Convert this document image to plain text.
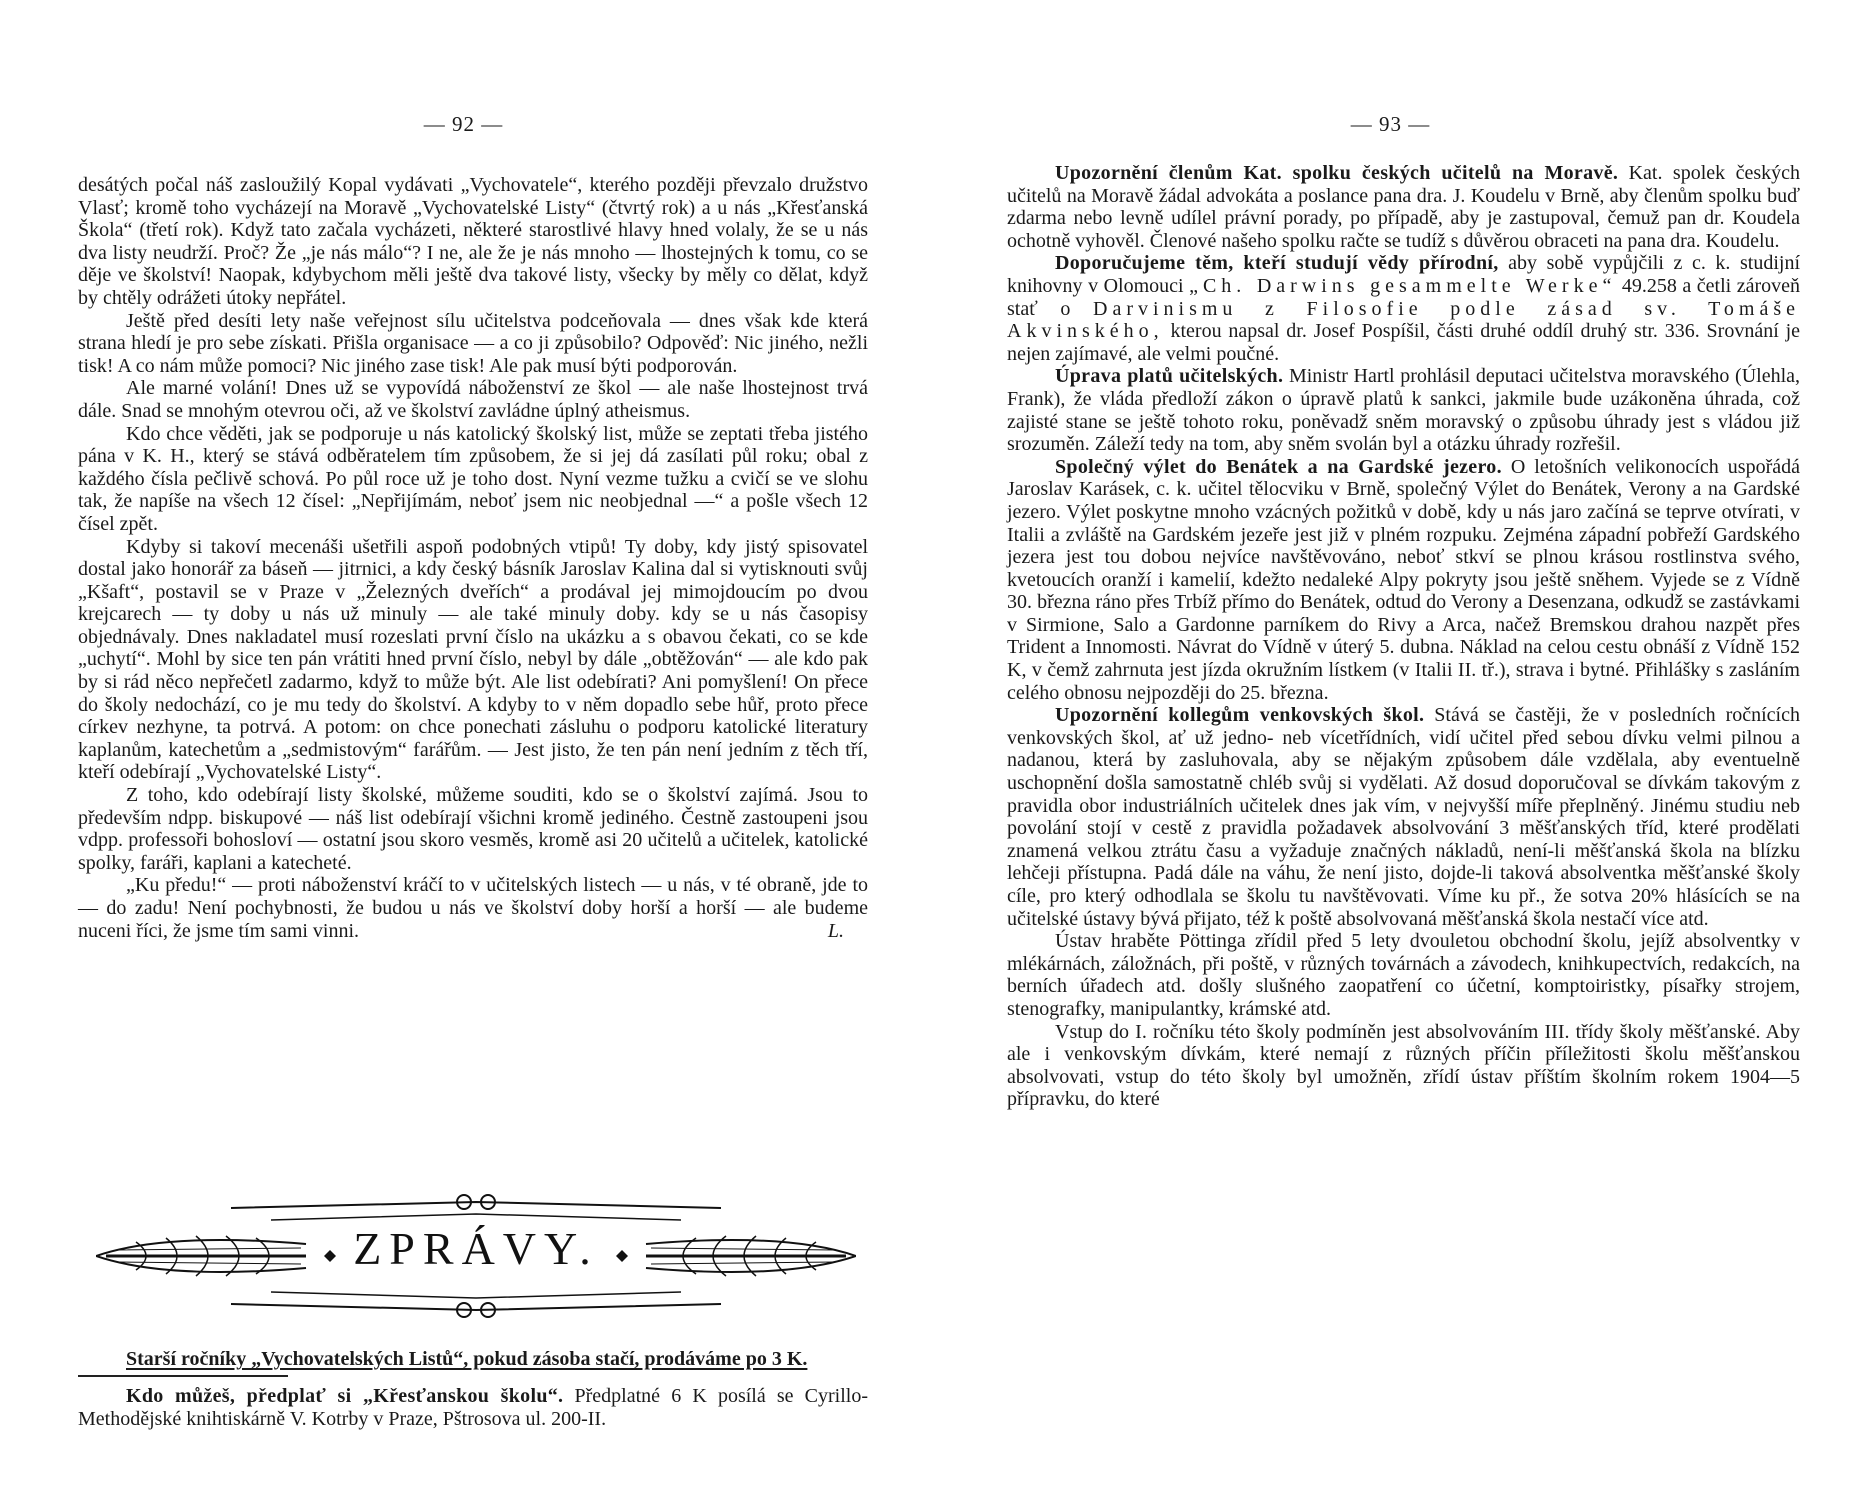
— 92 —

desátých počal náš zasloužilý Kopal vydávati „Vychovatele“, kterého později převzalo družstvo Vlasť; kromě toho vycházejí na Moravě „Vychovatelské Listy“ (čtvrtý rok) a u nás „Křesťanská Škola“ (třetí rok). Když tato začala vycházeti, některé starostlivé hlavy hned volaly, že se u nás dva listy neudrží. Proč? Že „je nás málo“? I ne, ale že je nás mnoho — lhostejných k tomu, co se děje ve školství! Naopak, kdybychom měli ještě dva takové listy, všecky by měly co dělat, když by chtěly odrážeti útoky nepřátel.

Ještě před desíti lety naše veřejnost sílu učitelstva podceňovala — dnes však kde která strana hledí je pro sebe získati. Přišla organisace — a co ji způsobilo? Odpověď: Nic jiného, nežli tisk! A co nám může pomoci? Nic jiného zase tisk! Ale pak musí býti podporován.

Ale marné volání! Dnes už se vypovídá náboženství ze škol — ale naše lhostejnost trvá dále. Snad se mnohým otevrou oči, až ve školství zavládne úplný atheismus.

Kdo chce věděti, jak se podporuje u nás katolický školský list, může se zeptati třeba jistého pána v K. H., který se stává odběratelem tím způsobem, že si jej dá zasílati půl roku; obal z každého čísla pečlivě schová. Po půl roce už je toho dost. Nyní vezme tužku a cvičí se ve slohu tak, že napíše na všech 12 čísel: „Nepřijímám, neboť jsem nic neobjednal —“ a pošle všech 12 čísel zpět.

Kdyby si takoví mecenáši ušetřili aspoň podobných vtipů! Ty doby, kdy jistý spisovatel dostal jako honorář za báseň — jitrnici, a kdy český básník Jaroslav Kalina dal si vytisknouti svůj „Kšaft“, postavil se v Praze v „Železných dveřích“ a prodával jej mimojdoucím po dvou krejcarech — ty doby u nás už minuly — ale také minuly doby. kdy se u nás časopisy objednávaly. Dnes nakladatel musí rozeslati první číslo na ukázku a s obavou čekati, co se kde „uchytí“. Mohl by sice ten pán vrátiti hned první číslo, nebyl by dále „obtěžován“ — ale kdo pak by si rád něco nepřečetl zadarmo, když to může být. Ale list odebírati? Ani pomyšlení! On přece do školy nedochází, co je mu tedy do školství. A kdyby to v něm dopadlo sebe hůř, proto přece církev nezhyne, ta potrvá. A potom: on chce ponechati zásluhu o podporu katolické literatury kaplanům, katechetům a „sedmistovým“ farářům. — Jest jisto, že ten pán není jedním z těch tří, kteří odebírají „Vychovatelské Listy“.

Z toho, kdo odebírají listy školské, můžeme souditi, kdo se o školství zajímá. Jsou to především ndpp. biskupové — náš list odebírají všichni kromě jediného. Čestně zastoupeni jsou vdpp. professoři bohosloví — ostatní jsou skoro vesměs, kromě asi 20 učitelů a učitelek, katolické spolky, faráři, kaplani a katecheté.

„Ku předu!“ — proti náboženství kráčí to v učitelských listech — u nás, v té obraně, jde to — do zadu! Není pochybnosti, že budou u nás ve školství doby horší a horší — ale budeme nuceni říci, že jsme tím sami vinni.	L.

ZPRÁVY.

Starší ročníky „Vychovatelských Listů“, pokud zásoba stačí, prodáváme po 3 K.

Kdo můžeš, předplať si „Křesťanskou školu“. Předplatné 6 K posílá se Cyrillo-Methodějské knihtiskárně V. Kotrby v Praze, Pštrosova ul. 200-II.

— 93 —

Upozornění členům Kat. spolku českých učitelů na Moravě. Kat. spolek českých učitelů na Moravě žádal advokáta a poslance pana dra. J. Koudelu v Brně, aby členům spolku buď zdarma nebo levně udílel právní porady, po případě, aby je zastupoval, čemuž pan dr. Koudela ochotně vyhověl. Členové našeho spolku račte se tudíž s důvěrou obraceti na pana dra. Koudelu.

Doporučujeme těm, kteří studují vědy přírodní, aby sobě vypůjčili z c. k. studijní knihovny v Olomouci „Ch. Darwins gesammelte Werke“ 49.258 a četli zároveň stať o Darvinismu z Filosofie podle zásad sv. Tomáše Akvinského, kterou napsal dr. Josef Pospíšil, části druhé oddíl druhý str. 336. Srovnání je nejen zajímavé, ale velmi poučné.

Úprava platů učitelských. Ministr Hartl prohlásil deputaci učitelstva moravského (Úlehla, Frank), že vláda předloží zákon o úpravě platů k sankci, jakmile bude uzákoněna úhrada, což zajisté stane se ještě tohoto roku, poněvadž sněm moravský o způsobu úhrady jest s vládou již srozuměn. Záleží tedy na tom, aby sněm svolán byl a otázku úhrady rozřešil.

Společný výlet do Benátek a na Gardské jezero. O letošních velikonocích uspořádá Jaroslav Karásek, c. k. učitel tělocviku v Brně, společný Výlet do Benátek, Verony a na Gardské jezero. Výlet poskytne mnoho vzácných požitků v době, kdy u nás jaro začíná se teprve otvírati, v Italii a zvláště na Gardském jezeře jest již v plném rozpuku. Zejména západní pobřeží Gardského jezera jest tou dobou nejvíce navštěvováno, neboť stkví se plnou krásou rostlinstva svého, kvetoucích oranží i kamelií, kdežto nedaleké Alpy pokryty jsou ještě sněhem. Vyjede se z Vídně 30. března ráno přes Trbíž přímo do Benátek, odtud do Verony a Desenzana, odkudž se zastávkami v Sirmione, Salo a Gardonne parníkem do Rivy a Arca, načež Bremskou drahou nazpět přes Trident a Innomosti. Návrat do Vídně v úterý 5. dubna. Náklad na celou cestu obnáší z Vídně 152 K, v čemž zahrnuta jest jízda okružním lístkem (v Italii II. tř.), strava i bytné. Přihlášky s zasláním celého obnosu nejpozději do 25. března.

Upozornění kollegům venkovských škol. Stává se častěji, že v posledních ročnících venkovských škol, ať už jedno- neb vícetřídních, vidí učitel před sebou dívku velmi pilnou a nadanou, která by zasluhovala, aby se nějakým způsobem dále vzdělala, aby eventuelně uschopnění došla samostatně chléb svůj si vydělati. Až dosud doporučoval se dívkám takovým z pravidla obor industriálních učitelek dnes jak vím, v nejvyšší míře přeplněný. Jinému studiu neb povolání stojí v cestě z pravidla požadavek absolvování 3 měšťanských tříd, které prodělati znamená velkou ztrátu času a vyžaduje značných nákladů, není-li měšťanská škola na blízku lehčeji přístupna. Padá dále na váhu, že není jisto, dojde-li taková absolventka měšťanské školy cíle, pro který odhodlala se školu tu navštěvovati. Víme ku př., že sotva 20% hlásících se na učitelské ústavy bývá přijato, též k poště absolvovaná měšťanská škola nestačí více atd.

Ústav hraběte Pöttinga zřídil před 5 lety dvouletou obchodní školu, jejíž absolventky v mlékárnách, záložnách, při poště, v různých továrnách a závodech, knihkupectvích, redakcích, na berních úřadech atd. došly slušného zaopatření co účetní, komptoiristky, písařky strojem, stenografky, manipulantky, krámské atd.

Vstup do I. ročníku této školy podmíněn jest absolvováním III. třídy školy měšťanské. Aby ale i venkovským dívkám, které nemají z různých příčin příležitosti školu měšťanskou absolvovati, vstup do této školy byl umožněn, zřídí ústav příštím školním rokem 1904—5 přípravku, do které
